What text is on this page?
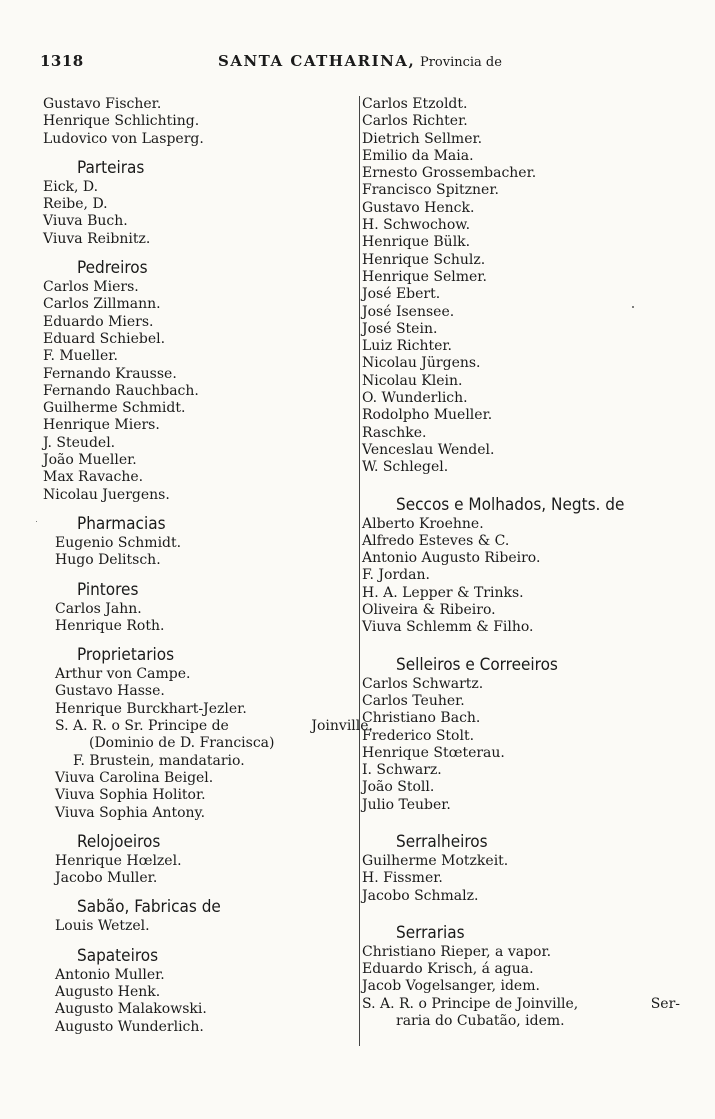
1318	SANTA CATHARINA, Provincia de
Gustavo Fischer.
Henrique Schlichting.
Ludovico von Lasperg.
Parteiras
Eick, D.
Reibe, D.
Viuva Buch.
Viuva Reibnitz.
Pedreiros
Carlos Miers.
Carlos Zillmann.
Eduardo Miers.
Eduard Schiebel.
F. Mueller.
Fernando Krausse.
Fernando Rauchbach.
Guilherme Schmidt.
Henrique Miers.
J. Steudel.
João Mueller.
Max Ravache.
Nicolau Juergens.
Pharmacias
Eugenio Schmidt.
Hugo Delitsch.
Pintores
Carlos Jahn.
Henrique Roth.
Proprietarios
Arthur von Campe.
Gustavo Hasse.
Henrique Burckhart-Jezler.
S. A. R. o Sr. Principe de	Joinville.
(Dominio de D. Francisca)
F. Brustein, mandatario.
Viuva Carolina Beigel.
Viuva Sophia Holitor.
Viuva Sophia Antony.
Relojoeiros
Henrique Hœlzel.
Jacobo Muller.
Sabão, Fabricas de
Louis Wetzel.
Sapateiros
Antonio Muller.
Augusto Henk.
Augusto Malakowski.
Augusto Wunderlich.
Carlos Etzoldt.
Carlos Richter.
Dietrich Sellmer.
Emilio da Maia.
Ernesto Grossembacher.
Francisco Spitzner.
Gustavo Henck.
H. Schwochow.
Henrique Bülk.
Henrique Schulz.
Henrique Selmer.
José Ebert.
José Isensee.
José Stein.
Luiz Richter.
Nicolau Jürgens.
Nicolau Klein.
O. Wunderlich.
Rodolpho Mueller.
Raschke.
Venceslau Wendel.
W. Schlegel.
Seccos e Molhados, Negts. de
Alberto Kroehne.
Alfredo Esteves & C.
Antonio Augusto Ribeiro.
F. Jordan.
H. A. Lepper & Trinks.
Oliveira & Ribeiro.
Viuva Schlemm & Filho.
Selleiros e Correeiros
Carlos Schwartz.
Carlos Teuher.
Christiano Bach.
Frederico Stolt.
Henrique Stœterau.
I. Schwarz.
João Stoll.
Julio Teuber.
Serralheiros
Guilherme Motzkeit.
H. Fissmer.
Jacobo Schmalz.
Serrarias
Christiano Rieper, a vapor.
Eduardo Krisch, á agua.
Jacob Vogelsanger, idem.
S. A. R. o Principe de Joinville,	Ser-
raria do Cubatão, idem.
